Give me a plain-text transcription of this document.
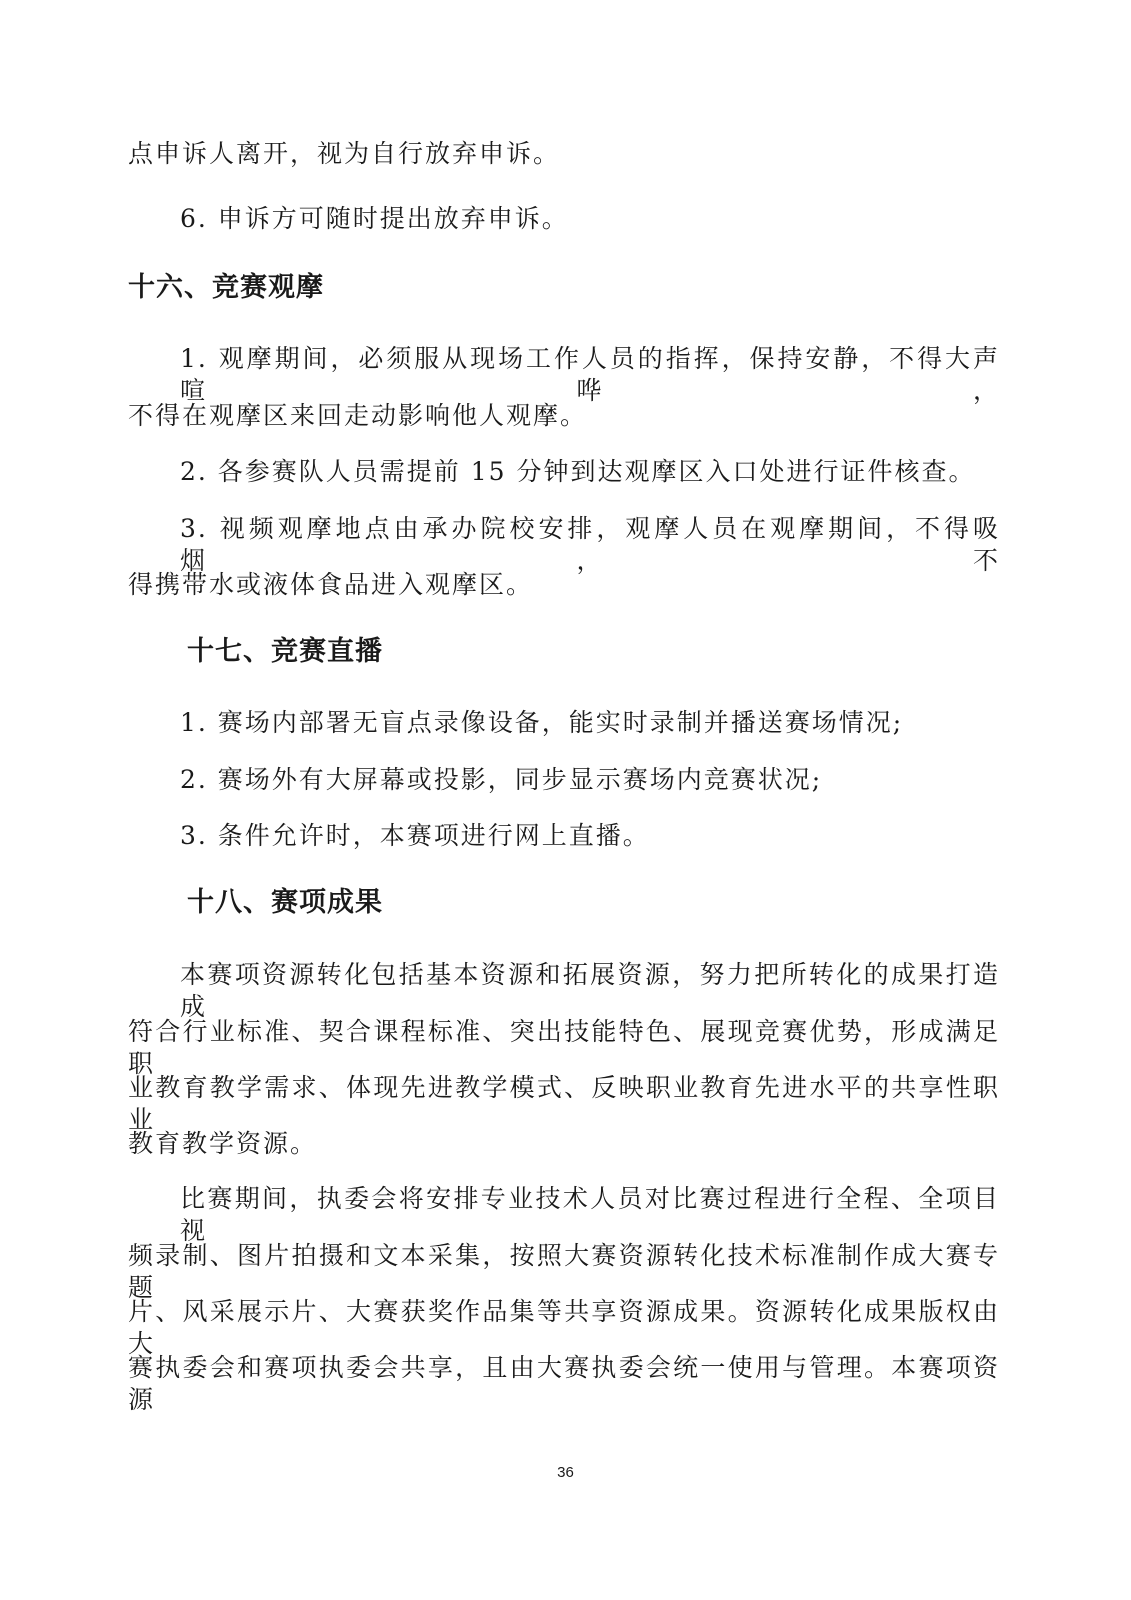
点申诉人离开，视为自行放弃申诉。
6. 申诉方可随时提出放弃申诉。
十六、竞赛观摩
1. 观摩期间，必须服从现场工作人员的指挥，保持安静，不得大声喧哗，
不得在观摩区来回走动影响他人观摩。
2. 各参赛队人员需提前 15 分钟到达观摩区入口处进行证件核查。
3. 视频观摩地点由承办院校安排，观摩人员在观摩期间，不得吸烟，不
得携带水或液体食品进入观摩区。
十七、竞赛直播
1. 赛场内部署无盲点录像设备，能实时录制并播送赛场情况;
2. 赛场外有大屏幕或投影，同步显示赛场内竞赛状况;
3. 条件允许时，本赛项进行网上直播。
十八、赛项成果
本赛项资源转化包括基本资源和拓展资源，努力把所转化的成果打造成
符合行业标准、契合课程标准、突出技能特色、展现竞赛优势，形成满足职
业教育教学需求、体现先进教学模式、反映职业教育先进水平的共享性职业
教育教学资源。
比赛期间，执委会将安排专业技术人员对比赛过程进行全程、全项目视
频录制、图片拍摄和文本采集，按照大赛资源转化技术标准制作成大赛专题
片、风采展示片、大赛获奖作品集等共享资源成果。资源转化成果版权由大
赛执委会和赛项执委会共享，且由大赛执委会统一使用与管理。本赛项资源
36
